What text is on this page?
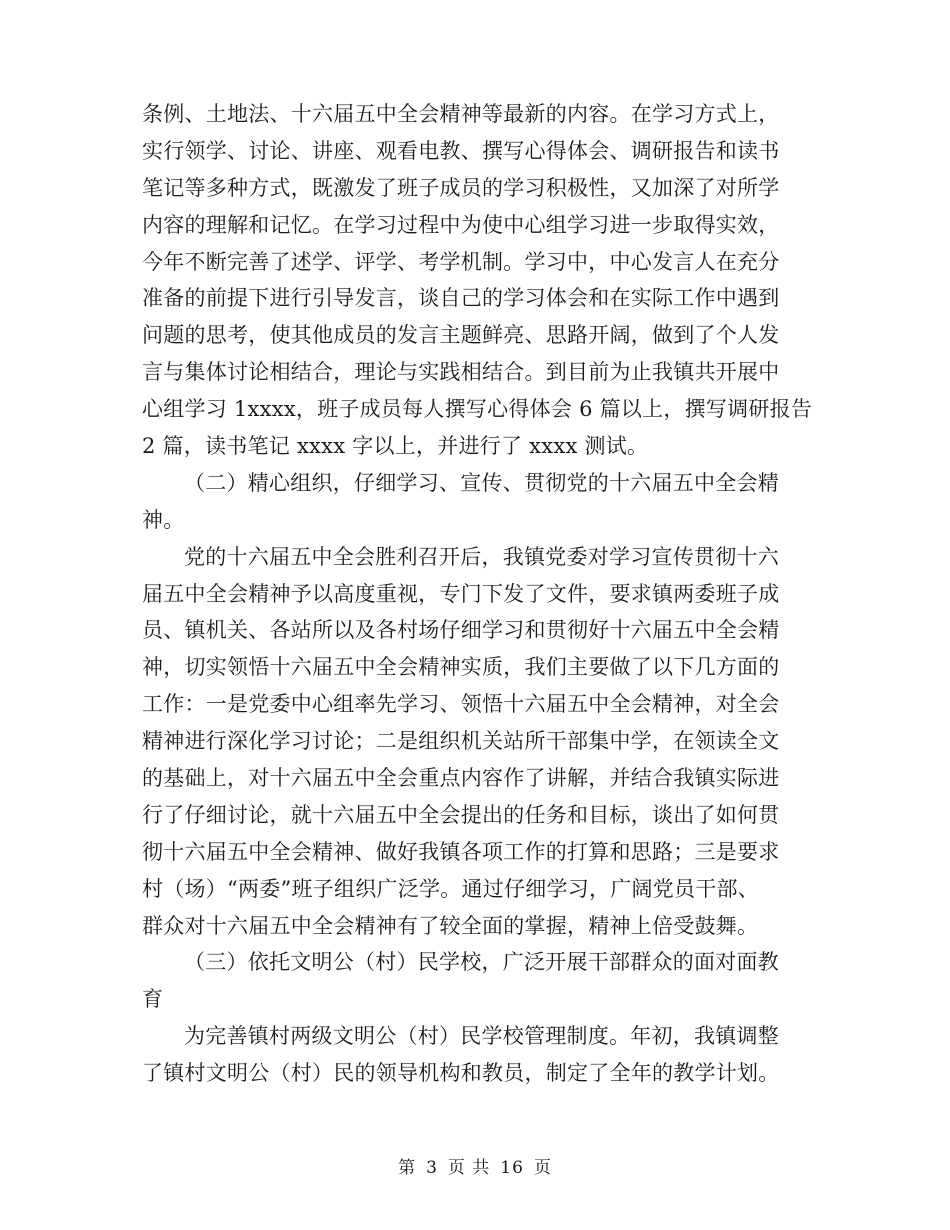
条例、土地法、十六届五中全会精神等最新的内容。在学习方式上，
实行领学、讨论、讲座、观看电教、撰写心得体会、调研报告和读书
笔记等多种方式，既激发了班子成员的学习积极性，又加深了对所学
内容的理解和记忆。在学习过程中为使中心组学习进一步取得实效，
今年不断完善了述学、评学、考学机制。学习中，中心发言人在充分
准备的前提下进行引导发言，谈自己的学习体会和在实际工作中遇到
问题的思考，使其他成员的发言主题鲜亮、思路开阔，做到了个人发
言与集体讨论相结合，理论与实践相结合。到目前为止我镇共开展中
心组学习 1xxxx，班子成员每人撰写心得体会 6 篇以上，撰写调研报告
2 篇，读书笔记 xxxx 字以上，并进行了 xxxx 测试。
（二）精心组织，仔细学习、宣传、贯彻党的十六届五中全会精
神。
党的十六届五中全会胜利召开后，我镇党委对学习宣传贯彻十六
届五中全会精神予以高度重视，专门下发了文件，要求镇两委班子成
员、镇机关、各站所以及各村场仔细学习和贯彻好十六届五中全会精
神，切实领悟十六届五中全会精神实质，我们主要做了以下几方面的
工作：一是党委中心组率先学习、领悟十六届五中全会精神，对全会
精神进行深化学习讨论；二是组织机关站所干部集中学，在领读全文
的基础上，对十六届五中全会重点内容作了讲解，并结合我镇实际进
行了仔细讨论，就十六届五中全会提出的任务和目标，谈出了如何贯
彻十六届五中全会精神、做好我镇各项工作的打算和思路；三是要求
村（场）“两委”班子组织广泛学。通过仔细学习，广阔党员干部、
群众对十六届五中全会精神有了较全面的掌握，精神上倍受鼓舞。
（三）依托文明公（村）民学校，广泛开展干部群众的面对面教
育
为完善镇村两级文明公（村）民学校管理制度。年初，我镇调整
了镇村文明公（村）民的领导机构和教员，制定了全年的教学计划。
第 3 页 共 16 页
